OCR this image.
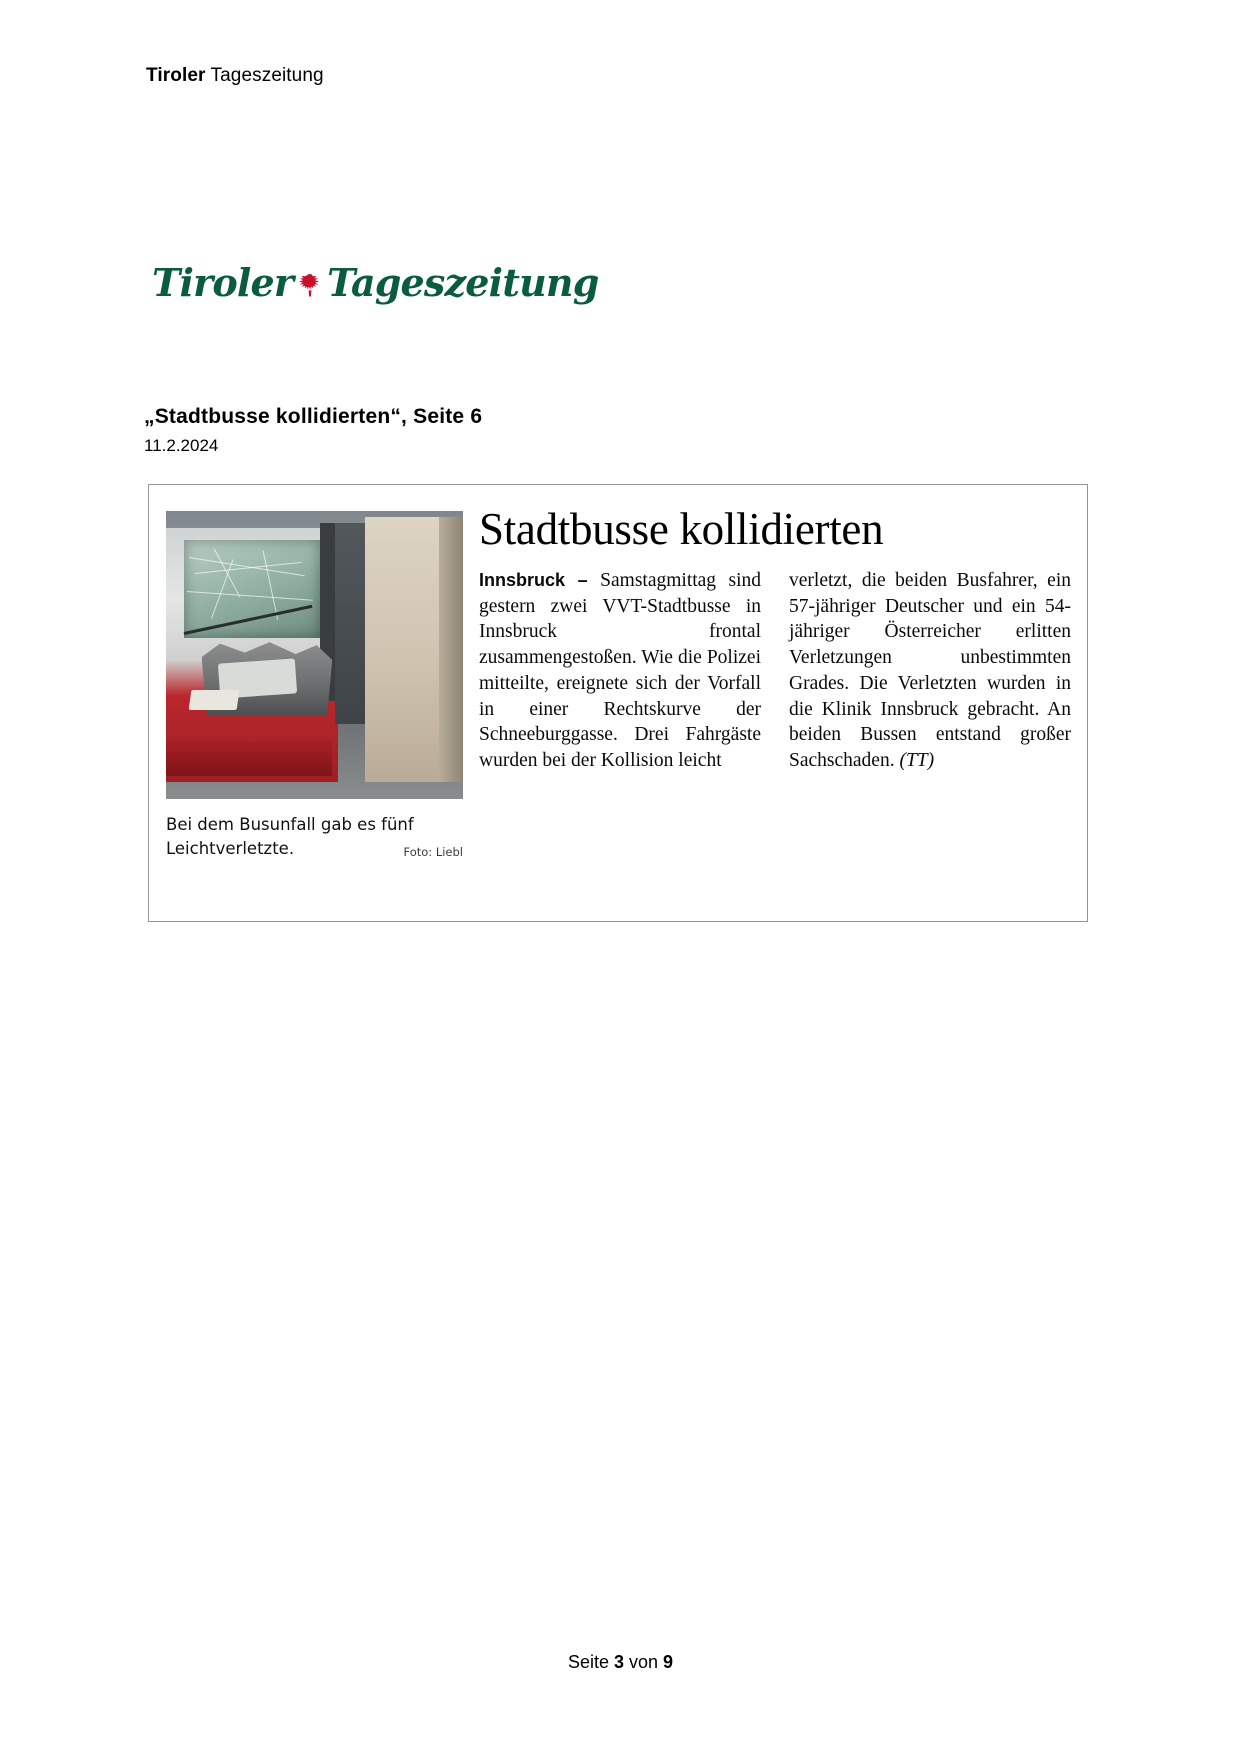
Tiroler Tageszeitung
Tiroler Tageszeitung
„Stadtbusse kollidierten“, Seite 6
11.2.2024
Bei dem Busunfall gab es fünf Leichtverletzte.	Foto: Liebl
Stadtbusse kollidierten
Innsbruck – Samstagmittag sind gestern zwei VVT-Stadtbusse in Innsbruck frontal zusammengestoßen. Wie die Polizei mitteilte, ereignete sich der Vorfall in einer Rechtskurve der Schneeburggasse. Drei Fahrgäste wurden bei der Kollision leicht
verletzt, die beiden Busfahrer, ein 57-jähriger Deutscher und ein 54-jähriger Österreicher erlitten Verletzungen unbestimmten Grades. Die Verletzten wurden in die Klinik Innsbruck gebracht. An beiden Bussen entstand großer Sachschaden. (TT)
Seite 3 von 9
